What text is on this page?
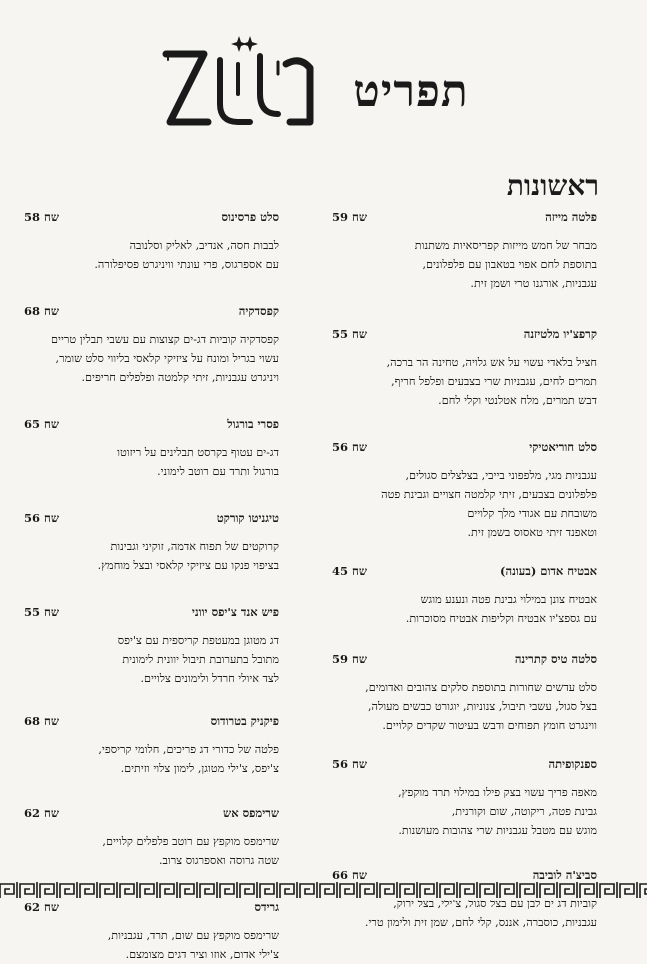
תפריט
ראשונות
פלטה מייזה
59 שח
מבחר של חמש מייזות קפריסאיות משתנות
בתוספת לחם אפוי בטאבון עם פלפלונים,
עגבניות, אורגנו טרי ושמן זית.
קרפצ'יו מלטיזנה
55 שח
חציל בלאדי עשוי על אש גלויה, טחינה הר ברכה,
תמרים לחים, עגבניות שרי בצבעים ופלפל חריף,
דבש תמרים, מלח אטלנטי וקלי לחם.
סלט חוריאטיקי
56 שח
עגבניות מגי, מלפפוני בייבי, בצלצלים סגולים,
פלפלונים בצבעים, זיתי קלמטה חצויים וגבינת פטה
משובחת עם אגודי מלך קלויים
וטאפנד זיתי טאסוס בשמן זית.
אבטיח אדום (בעונה)
45 שח
אבטיח צונן במילוי גבינת פטה ונענע מוגש
עם גספצ'יו אבטיח וקליפות אבטיח מסוכרות.
סלטה טיס קתרינה
59 שח
סלט עדשים שחורות בתוספת סלקים צהובים ואדומים,
בצל סגול, עשבי תיבול, צנוניות, יוגורט כבשים מעולה,
ווינגרט חומץ תפוחים ודבש בעיטור שקדים קלויים.
ספנקופיתה
56 שח
מאפה פריך עשוי בצק פילו במילוי תרד מוקפץ,
גבינת פטה, ריקוטה, שום וקורנית,
מוגש עם מטבל עגבניות שרי צהובות מעושנות.
סביצ'ה לוביבה
66 שח
קוביות דג ים לבן עם בצל סגול, צ'ילי, בצל ירוק,
עגבניות, כוסברה, אננס, קלי לחם, שמן זית ולימון טרי.
סלט פרסינוס
58 שח
לבבות חסה, אנדיב, לאליק וסלנובה
עם אספרגוס, פרי עונתי וויניגרט פסיפלורה.
קפסדקיה
68 שח
קפסדקיה קוביות דג-ים קצוצות עם עשבי תבלין טריים
עשוי בגריל ומונח על ציזיקי קלאסי בליווי סלט שומר,
ויניגרט עגבניות, זיתי קלמטה ופלפלים חריפים.
פסרי בורגול
65 שח
דג-ים עטוף בקרסט תבלינים על ריזוטו
בורגול ותרד עם רוטב לימוני.
טיגניטו קורקט
56 שח
קרוקטים של תפוח אדמה, זוקיני וגבינות
בציפוי פנקו עם ציזיקי קלאסי ובצל מוחמץ.
פיש אנד צ'יפס יווני
55 שח
דג מטוגן במעטפת קריספית עם צ'יפס
מתובל בתערובת תיבול יוונית לימונית
לצד איולי חרדל ולימונים צלויים.
פיקניק בטרודוס
68 שח
פלטה של כדורי דג פריכים, חלומי קריספי,
צ'יפס, צ'ילי מטוגן, לימון צלוי וזיתים.
שרימפס אש
62 שח
שרימפס מוקפץ עם רוטב פלפלים קלויים,
שטה גרוסה ואספרגוס צרוב.
גרידס
62 שח
שרימפס מוקפץ עם שום, תרד, עגבניות,
צ'ילי אדום, אוזו וציר דגים מצומצם.
